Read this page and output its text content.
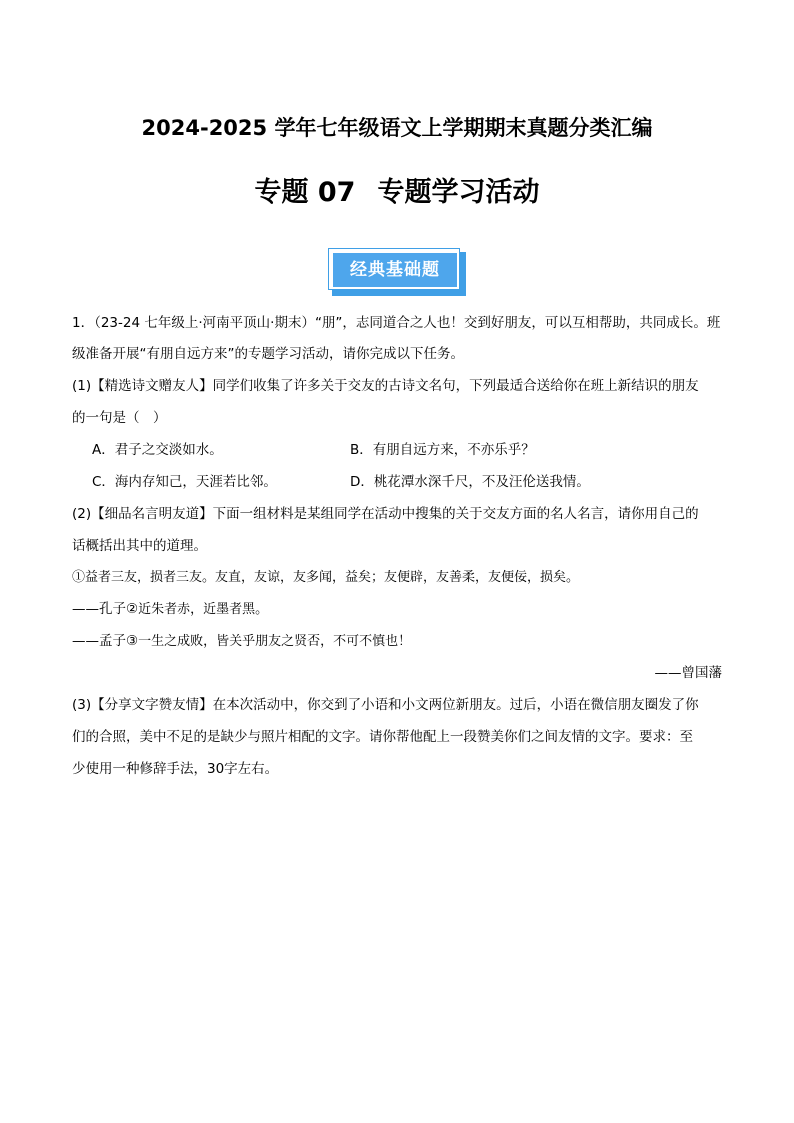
2024-2025 学年七年级语文上学期期末真题分类汇编
专题 07 专题学习活动
经典基础题
1．（23-24 七年级上·河南平顶山·期末）“朋”，志同道合之人也！交到好朋友，可以互相帮助，共同成长。班
级准备开展“有朋自远方来”的专题学习活动，请你完成以下任务。
(1)【精选诗文赠友人】同学们收集了许多关于交友的古诗文名句，下列最适合送给你在班上新结识的朋友
的一句是（　）
A．君子之交淡如水。	B．有朋自远方来，不亦乐乎？
C．海内存知己，天涯若比邻。	D．桃花潭水深千尺，不及汪伦送我情。
(2)【细品名言明友道】下面一组材料是某组同学在活动中搜集的关于交友方面的名人名言，请你用自己的
话概括出其中的道理。
①益者三友，损者三友。友直，友谅，友多闻，益矣；友便辟，友善柔，友便佞，损矣。
——孔子②近朱者赤，近墨者黑。
——孟子③一生之成败，皆关乎朋友之贤否，不可不慎也！
——曾国藩
(3)【分享文字赞友情】在本次活动中，你交到了小语和小文两位新朋友。过后，小语在微信朋友圈发了你
们的合照，美中不足的是缺少与照片相配的文字。请你帮他配上一段赞美你们之间友情的文字。要求：至
少使用一种修辞手法，30字左右。
